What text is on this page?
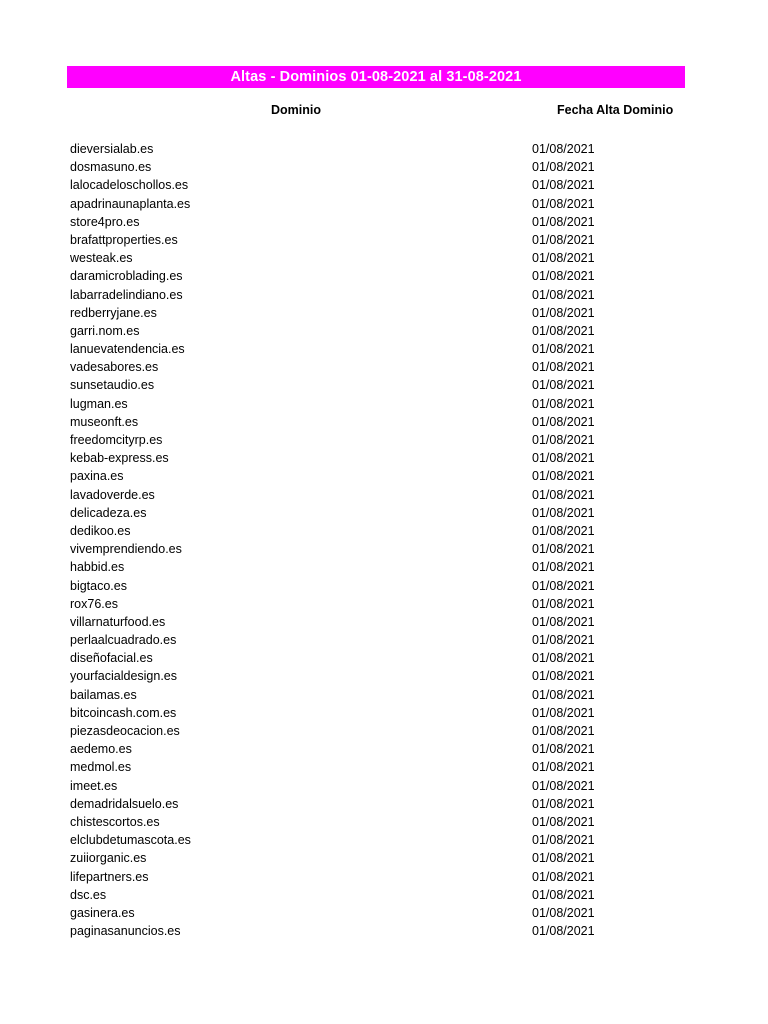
Altas - Dominios 01-08-2021 al 31-08-2021
Dominio	Fecha Alta Dominio
dieversialab.es	01/08/2021
dosmasuno.es	01/08/2021
lalocadeloschollos.es	01/08/2021
apadrinaunaplanta.es	01/08/2021
store4pro.es	01/08/2021
brafattproperties.es	01/08/2021
westeak.es	01/08/2021
daramicroblading.es	01/08/2021
labarradelindiano.es	01/08/2021
redberryjane.es	01/08/2021
garri.nom.es	01/08/2021
lanuevatendencia.es	01/08/2021
vadesabores.es	01/08/2021
sunsetaudio.es	01/08/2021
lugman.es	01/08/2021
museonft.es	01/08/2021
freedomcityrp.es	01/08/2021
kebab-express.es	01/08/2021
paxina.es	01/08/2021
lavadoverde.es	01/08/2021
delicadeza.es	01/08/2021
dedikoo.es	01/08/2021
vivemprendiendo.es	01/08/2021
habbid.es	01/08/2021
bigtaco.es	01/08/2021
rox76.es	01/08/2021
villarnaturfood.es	01/08/2021
perlaalcuadrado.es	01/08/2021
diseñofacial.es	01/08/2021
yourfacialdesign.es	01/08/2021
bailamas.es	01/08/2021
bitcoincash.com.es	01/08/2021
piezasdeocacion.es	01/08/2021
aedemo.es	01/08/2021
medmol.es	01/08/2021
imeet.es	01/08/2021
demadridalsuelo.es	01/08/2021
chistescortos.es	01/08/2021
elclubdetumascota.es	01/08/2021
zuiiorganic.es	01/08/2021
lifepartners.es	01/08/2021
dsc.es	01/08/2021
gasinera.es	01/08/2021
paginasanuncios.es	01/08/2021
